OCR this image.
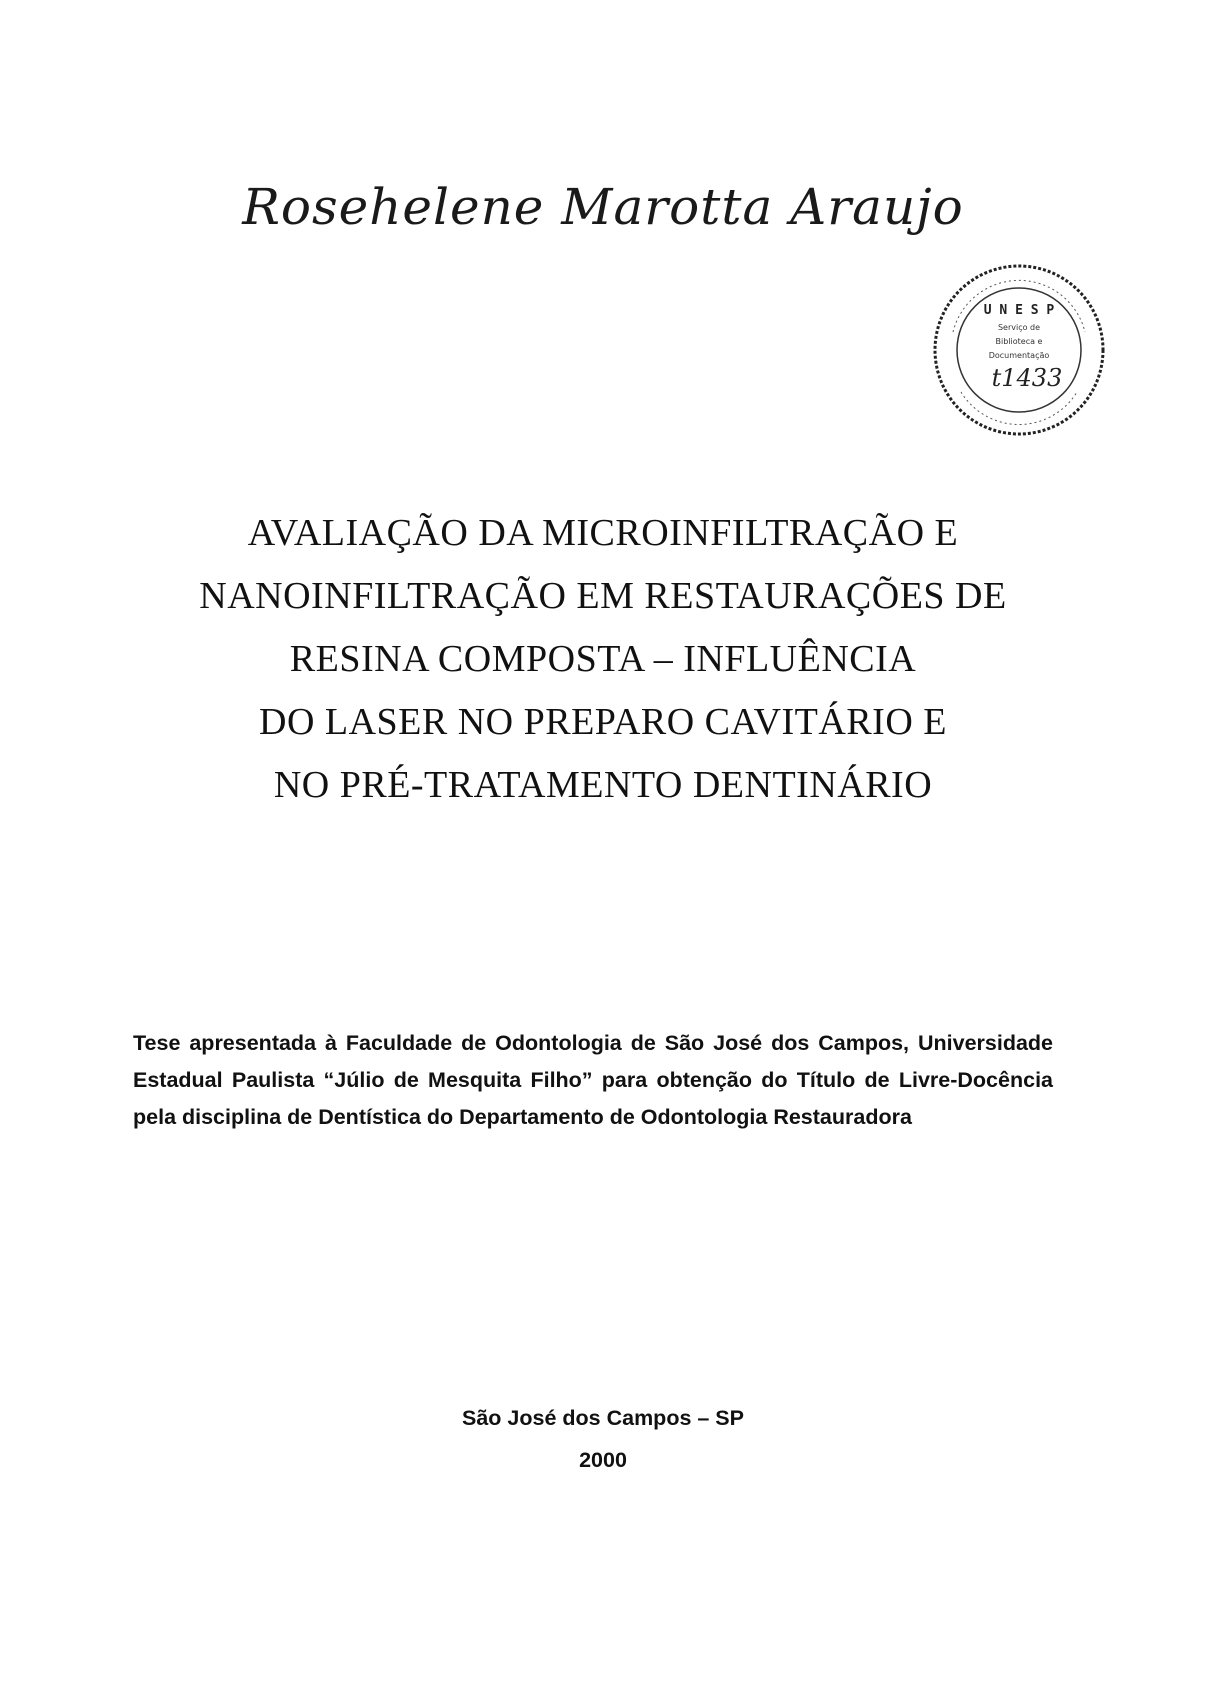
Rosehelene Marotta Araujo
U N E S P
Serviço de
Biblioteca e
Documentação
t1433
AVALIAÇÃO DA MICROINFILTRAÇÃO E
NANOINFILTRAÇÃO EM RESTAURAÇÕES DE
RESINA COMPOSTA – INFLUÊNCIA
DO LASER NO PREPARO CAVITÁRIO E
NO PRÉ-TRATAMENTO DENTINÁRIO
Tese apresentada à Faculdade de Odontologia de São José dos Campos, Universidade Estadual Paulista “Júlio de Mesquita Filho” para obtenção do Título de Livre-Docência pela disciplina de Dentística do Departamento de Odontologia Restauradora
São José dos Campos – SP
2000
